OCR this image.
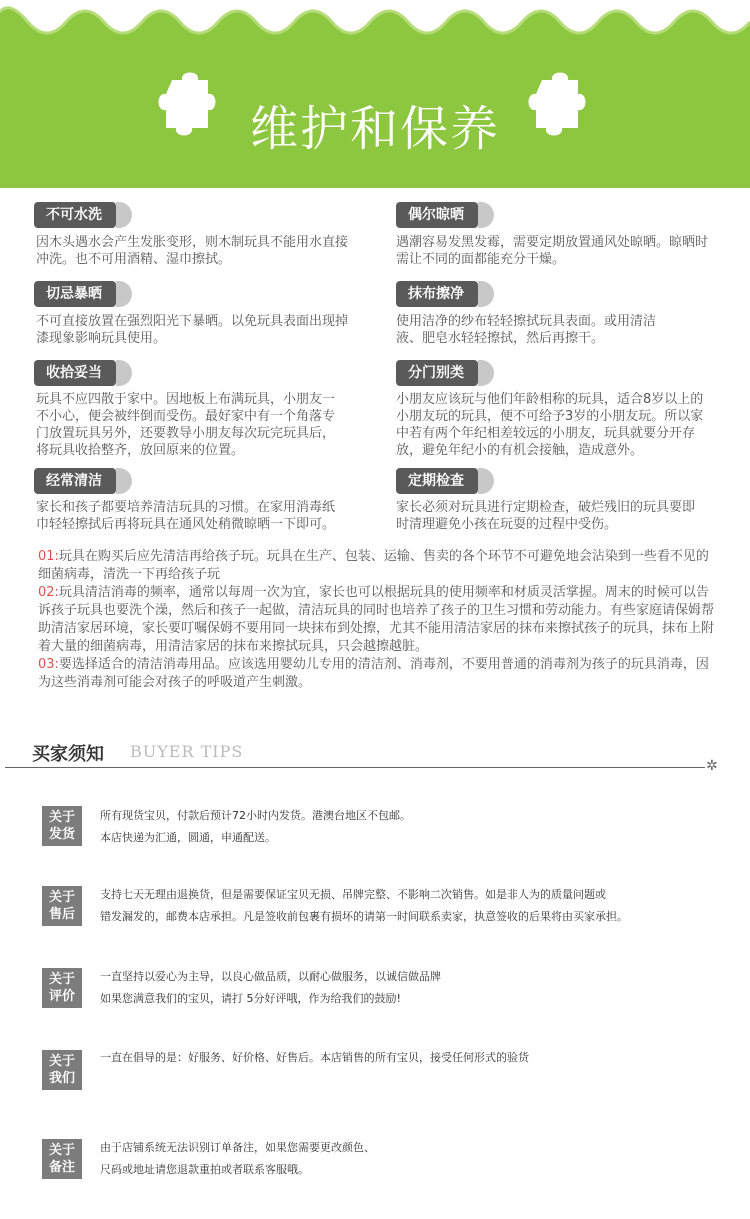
维护和保养
不可水洗
因木头遇水会产生发胀变形，则木制玩具不能用水直接
冲洗。也不可用酒精、湿巾擦拭。
切忌暴晒
不可直接放置在强烈阳光下暴晒。以免玩具表面出现掉
漆现象影响玩具使用。
收拾妥当
玩具不应四散于家中。因地板上布满玩具，小朋友一
不小心，便会被绊倒而受伤。最好家中有一个角落专
门放置玩具另外，还要教导小朋友每次玩完玩具后，
将玩具收拾整齐，放回原来的位置。
经常清洁
家长和孩子都要培养清洁玩具的习惯。在家用消毒纸
巾轻轻擦拭后再将玩具在通风处稍微晾晒一下即可。
偶尔晾晒
遇潮容易发黑发霉，需要定期放置通风处晾晒。晾晒时
需让不同的面都能充分干燥。
抹布擦净
使用洁净的纱布轻轻擦拭玩具表面。或用清洁
液、肥皂水轻轻擦拭，然后再擦干。
分门别类
小朋友应该玩与他们年龄相称的玩具，适合8岁以上的
小朋友玩的玩具，便不可给予3岁的小朋友玩。所以家
中若有两个年纪相差较远的小朋友，玩具就要分开存
放，避免年纪小的有机会接触，造成意外。
定期检查
家长必须对玩具进行定期检查，破烂残旧的玩具要即
时清理避免小孩在玩耍的过程中受伤。
01:玩具在购买后应先清洁再给孩子玩。玩具在生产、包装、运输、售卖的各个环节不可避免地会沾染到一些看不见的细菌病毒，清洗一下再给孩子玩
02:玩具清洁消毒的频率，通常以每周一次为宜，家长也可以根据玩具的使用频率和材质灵活掌握。周末的时候可以告诉孩子玩具也要洗个澡，然后和孩子一起做，清洁玩具的同时也培养了孩子的卫生习惯和劳动能力。有些家庭请保姆帮助清洁家居环境，家长要叮嘱保姆不要用同一块抹布到处擦，尤其不能用清洁家居的抹布来擦拭孩子的玩具，抹布上附着大量的细菌病毒，用清洁家居的抹布来擦拭玩具，只会越擦越脏。
03:要选择适合的清洁消毒用品。应该选用婴幼儿专用的清洁剂、消毒剂，不要用普通的消毒剂为孩子的玩具消毒，因为这些消毒剂可能会对孩子的呼吸道产生刺激。
买家须知 BUYER TIPS
✲
关于
发货
所有现货宝贝，付款后预计72小时内发货。港澳台地区不包邮。
本店快递为汇通，圆通，申通配送。
关于
售后
支持七天无理由退换货，但是需要保证宝贝无损、吊牌完整、不影响二次销售。如是非人为的质量问题或
错发漏发的，邮费本店承担。凡是签收前包裹有损坏的请第一时间联系卖家，执意签收的后果将由买家承担。
关于
评价
一直坚持以爱心为主导，以良心做品质，以耐心做服务，以诚信做品牌
如果您满意我们的宝贝，请打 5分好评哦，作为给我们的鼓励!
关于
我们
一直在倡导的是：好服务、好价格、好售后。本店销售的所有宝贝，接受任何形式的验货
关于
备注
由于店铺系统无法识别订单备注，如果您需要更改颜色、
尺码或地址请您退款重拍或者联系客服哦。
